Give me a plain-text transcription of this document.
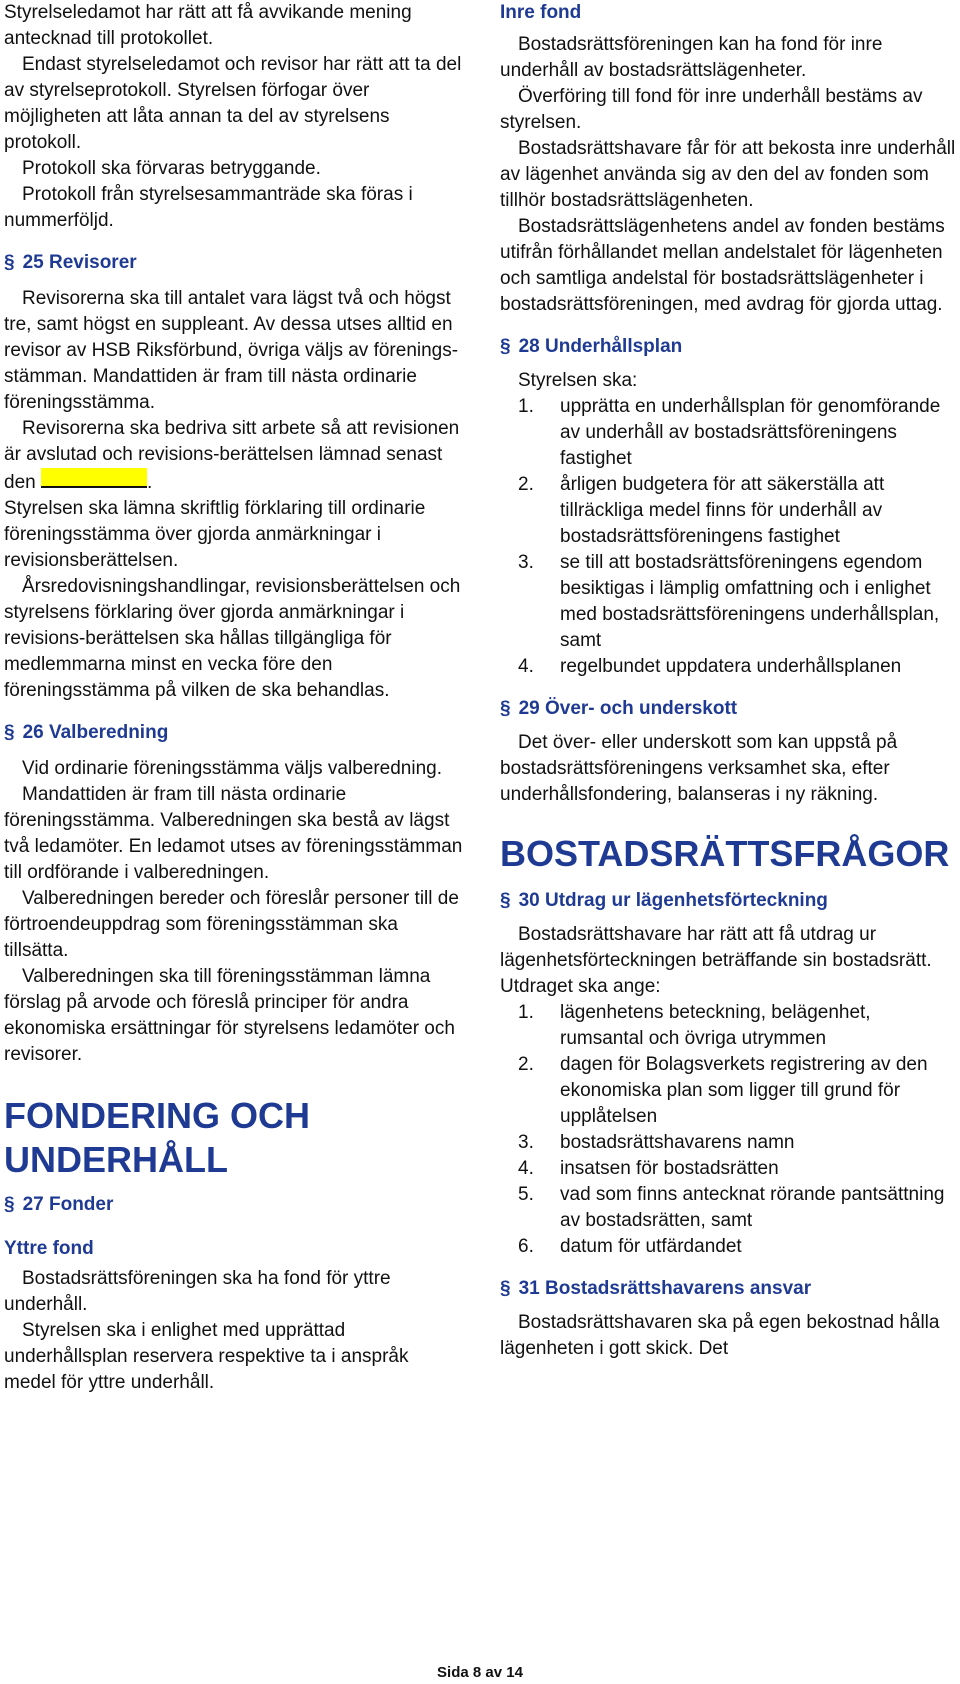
Styrelseledamot har rätt att få avvikande mening antecknad till protokollet.

Endast styrelseledamot och revisor har rätt att ta del av styrelseprotokoll. Styrelsen förfogar över möjligheten att låta annan ta del av styrelsens protokoll.

Protokoll ska förvaras betryggande.

Protokoll från styrelsesammanträde ska föras i nummerföljd.

§ 25 Revisorer

Revisorerna ska till antalet vara lägst två och högst tre, samt högst en suppleant. Av dessa utses alltid en revisor av HSB Riksförbund, övriga väljs av förenings-stämman. Mandattiden är fram till nästa ordinarie föreningsstämma.

Revisorerna ska bedriva sitt arbete så att revisionen är avslutad och revisions-berättelsen lämnad senast den	.

Styrelsen ska lämna skriftlig förklaring till ordinarie föreningsstämma över gjorda anmärkningar i revisionsberättelsen.

Årsredovisningshandlingar, revisionsberättelsen och styrelsens förklaring över gjorda anmärkningar i revisions-berättelsen ska hållas tillgängliga för medlemmarna minst en vecka före den föreningsstämma på vilken de ska behandlas.

§ 26 Valberedning

Vid ordinarie föreningsstämma väljs valberedning.

Mandattiden är fram till nästa ordinarie föreningsstämma. Valberedningen ska bestå av lägst två ledamöter. En ledamot utses av föreningsstämman till ordförande i valberedningen.

Valberedningen bereder och föreslår personer till de förtroendeuppdrag som föreningsstämman ska tillsätta.

Valberedningen ska till föreningsstämman lämna förslag på arvode och föreslå principer för andra ekonomiska ersättningar för styrelsens ledamöter och revisorer.

FONDERING OCH UNDERHÅLL
§ 27 Fonder
Yttre fond

Bostadsrättsföreningen ska ha fond för yttre underhåll.

Styrelsen ska i enlighet med upprättad underhållsplan reservera respektive ta i anspråk medel för yttre underhåll.

Inre fond

Bostadsrättsföreningen kan ha fond för inre underhåll av bostadsrättslägenheter.

Överföring till fond för inre underhåll bestäms av styrelsen.

Bostadsrättshavare får för att bekosta inre underhåll av lägenhet använda sig av den del av fonden som tillhör bostadsrättslägenheten.

Bostadsrättslägenhetens andel av fonden bestäms utifrån förhållandet mellan andelstalet för lägenheten och samtliga andelstal för bostadsrättslägenheter i bostadsrättsföreningen, med avdrag för gjorda uttag.

§ 28 Underhållsplan

Styrelsen ska:

1. upprätta en underhållsplan för genomförande av underhåll av bostadsrättsföreningens fastighet
2. årligen budgetera för att säkerställa att tillräckliga medel finns för underhåll av bostadsrättsföreningens fastighet
3. se till att bostadsrättsföreningens egendom besiktigas i lämplig omfattning och i enlighet med bostadsrättsföreningens underhållsplan, samt
4. regelbundet uppdatera underhållsplanen
§ 29 Över- och underskott

Det över- eller underskott som kan uppstå på bostadsrättsföreningens verksamhet ska, efter underhållsfondering, balanseras i ny räkning.

BOSTADSRÄTTSFRÅGOR
§ 30 Utdrag ur lägenhetsförteckning

Bostadsrättshavare har rätt att få utdrag ur lägenhetsförteckningen beträffande sin bostadsrätt. Utdraget ska ange:

1. lägenhetens beteckning, belägenhet, rumsantal och övriga utrymmen
2. dagen för Bolagsverkets registrering av den ekonomiska plan som ligger till grund för upplåtelsen
3. bostadsrättshavarens namn
4. insatsen för bostadsrätten
5. vad som finns antecknat rörande pantsättning av bostadsrätten, samt
6. datum för utfärdandet
§ 31 Bostadsrättshavarens ansvar

Bostadsrättshavaren ska på egen bekostnad hålla lägenheten i gott skick. Det

Sida 8 av 14
